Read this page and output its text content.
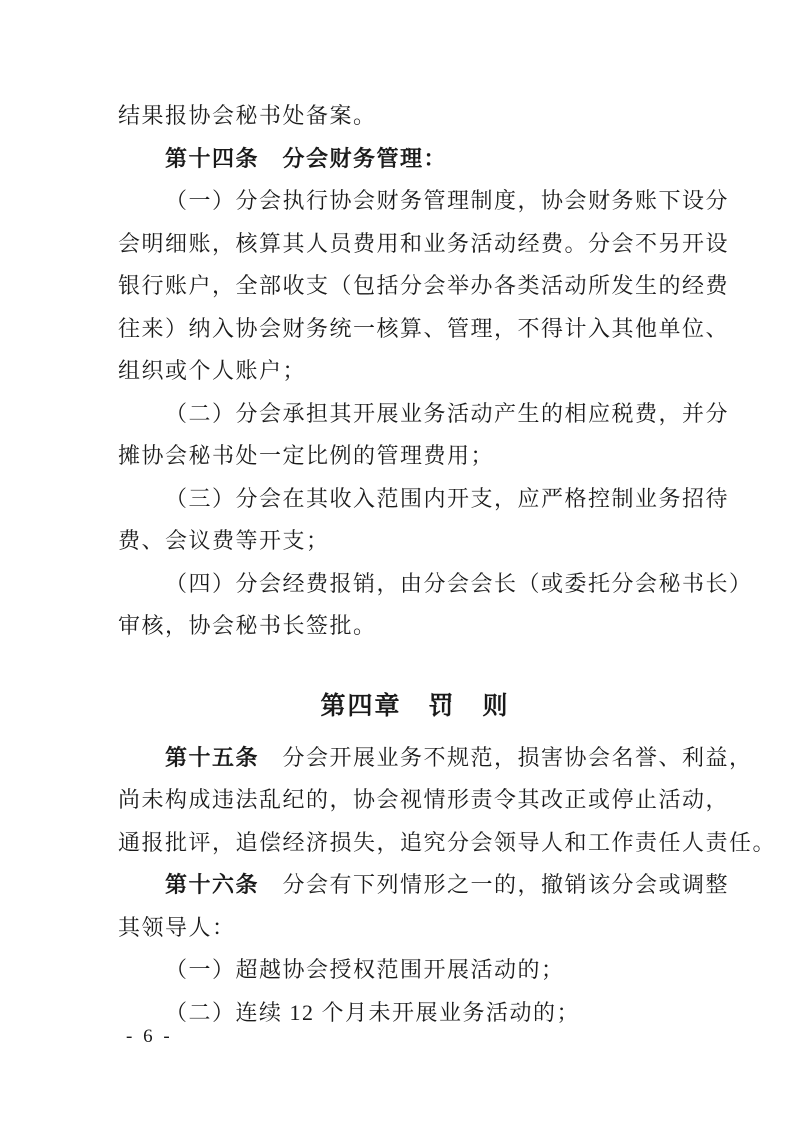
结果报协会秘书处备案。
第十四条　分会财务管理：
（一）分会执行协会财务管理制度，协会财务账下设分
会明细账，核算其人员费用和业务活动经费。分会不另开设
银行账户，全部收支（包括分会举办各类活动所发生的经费
往来）纳入协会财务统一核算、管理，不得计入其他单位、
组织或个人账户；
（二）分会承担其开展业务活动产生的相应税费，并分
摊协会秘书处一定比例的管理费用；
（三）分会在其收入范围内开支，应严格控制业务招待
费、会议费等开支；
（四）分会经费报销，由分会会长（或委托分会秘书长）
审核，协会秘书长签批。
第四章　罚　则
第十五条　分会开展业务不规范，损害协会名誉、利益，
尚未构成违法乱纪的，协会视情形责令其改正或停止活动，
通报批评，追偿经济损失，追究分会领导人和工作责任人责任。
第十六条　分会有下列情形之一的，撤销该分会或调整
其领导人：
（一）超越协会授权范围开展活动的；
（二）连续 12 个月未开展业务活动的；
- 6 -
